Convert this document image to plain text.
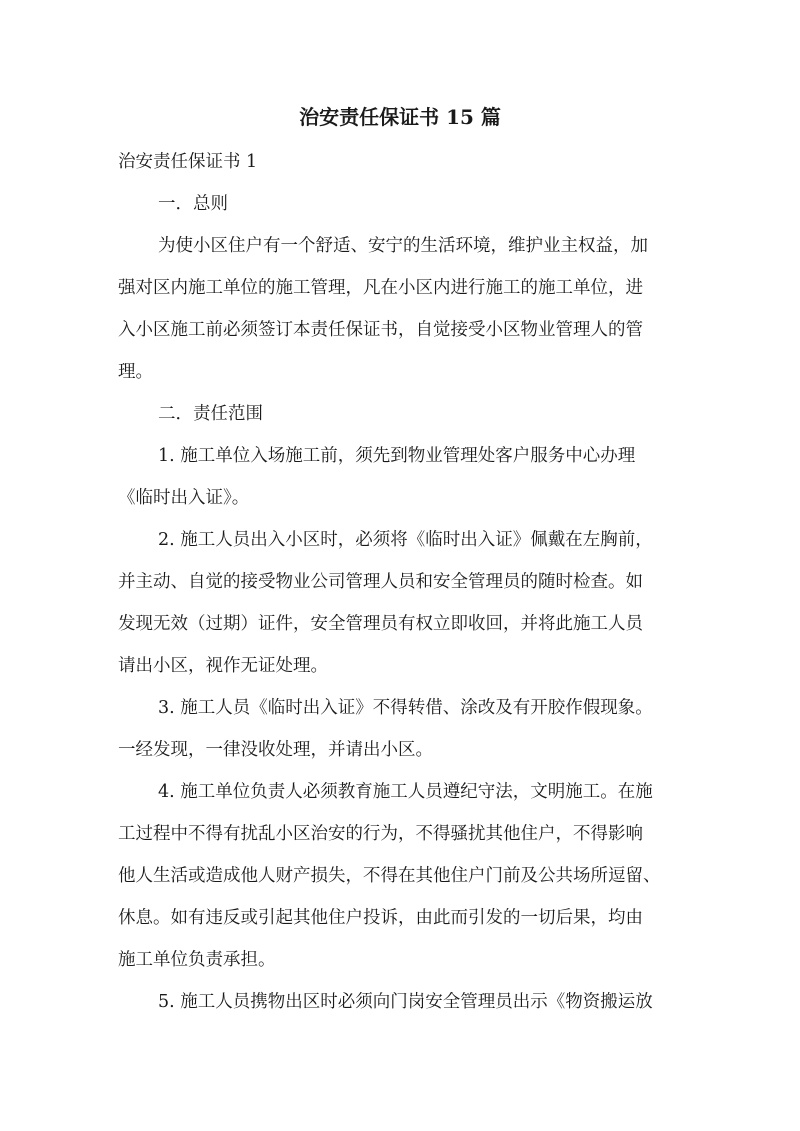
治安责任保证书 15 篇
治安责任保证书 1
一．总则
为使小区住户有一个舒适、安宁的生活环境，维护业主权益，加
强对区内施工单位的施工管理，凡在小区内进行施工的施工单位，进
入小区施工前必须签订本责任保证书，自觉接受小区物业管理人的管
理。
二．责任范围
1. 施工单位入场施工前，须先到物业管理处客户服务中心办理
《临时出入证》。
2. 施工人员出入小区时，必须将《临时出入证》佩戴在左胸前，
并主动、自觉的接受物业公司管理人员和安全管理员的随时检查。如
发现无效（过期）证件，安全管理员有权立即收回，并将此施工人员
请出小区，视作无证处理。
3. 施工人员《临时出入证》不得转借、涂改及有开胶作假现象。
一经发现，一律没收处理，并请出小区。
4. 施工单位负责人必须教育施工人员遵纪守法，文明施工。在施
工过程中不得有扰乱小区治安的行为，不得骚扰其他住户，不得影响
他人生活或造成他人财产损失，不得在其他住户门前及公共场所逗留、
休息。如有违反或引起其他住户投诉，由此而引发的一切后果，均由
施工单位负责承担。
5. 施工人员携物出区时必须向门岗安全管理员出示《物资搬运放
